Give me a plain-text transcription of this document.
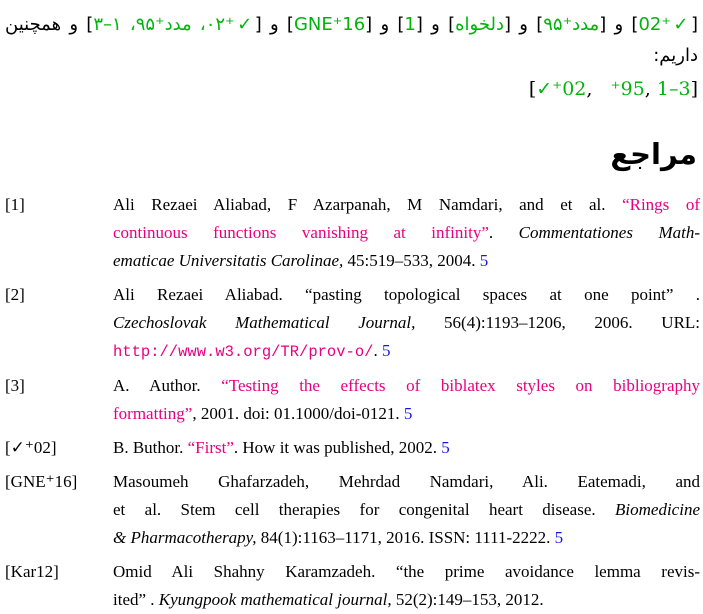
[✓⁺02] و [مدد⁺۹۵] و [دلخواه] و [1] و [GNE⁺16] و [✓⁺۰۲، مدد⁺۹۵، ۱–۳] و همچنین داریم:
[✓⁺02,   ⁺95, 1–3]
مراجع
[1]	Ali Rezaei Aliabad, F Azarpanah, M Namdari, and et al. “Rings of
continuous functions vanishing at infinity”. Commentationes Math-
ematicae Universitatis Carolinae, 45:519–533, 2004. 5
[2]	Ali Rezaei Aliabad. “pasting topological spaces at one point” .
Czechoslovak Mathematical Journal, 56(4):1193–1206, 2006. URL:
http://www.w3.org/TR/prov-o/. 5
[3]	A. Author. “Testing the effects of biblatex styles on bibliography
formatting”, 2001. doi: 01.1000/doi-0121. 5
[✓⁺02]	B. Buthor. “First”. How it was published, 2002. 5
[GNE⁺16]	Masoumeh Ghafarzadeh, Mehrdad Namdari, Ali. Eatemadi, and
et al. Stem cell therapies for congenital heart disease. Biomedicine
& Pharmacotherapy, 84(1):1163–1171, 2016. ISSN: 1111-2222. 5
[Kar12]	Omid Ali Shahny Karamzadeh. “the prime avoidance lemma revis-
ited” . Kyungpook mathematical journal, 52(2):149–153, 2012.
